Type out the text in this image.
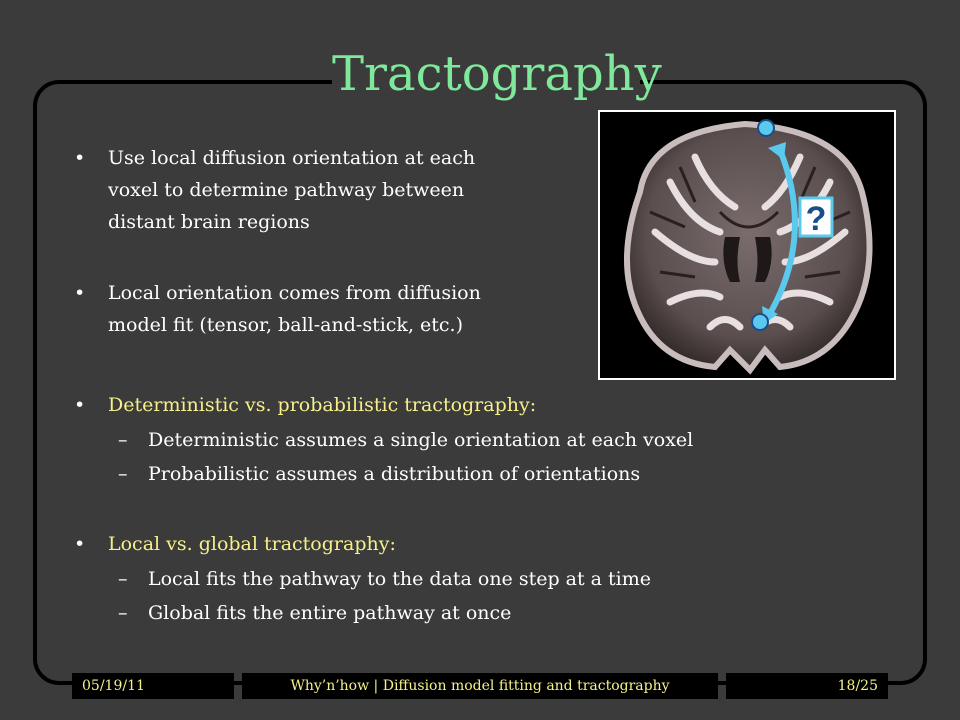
Tractography
• Use local diffusion orientation at each
voxel to determine pathway between
distant brain regions
• Local orientation comes from diffusion
model fit (tensor, ball-and-stick, etc.)
• Deterministic vs. probabilistic tractography:
– Deterministic assumes a single orientation at each voxel
– Probabilistic assumes a distribution of orientations
• Local vs. global tractography:
– Local fits the pathway to the data one step at a time
– Global fits the entire pathway at once
?
05/19/11	Why’n’how | Diffusion model fitting and tractography	18/25
